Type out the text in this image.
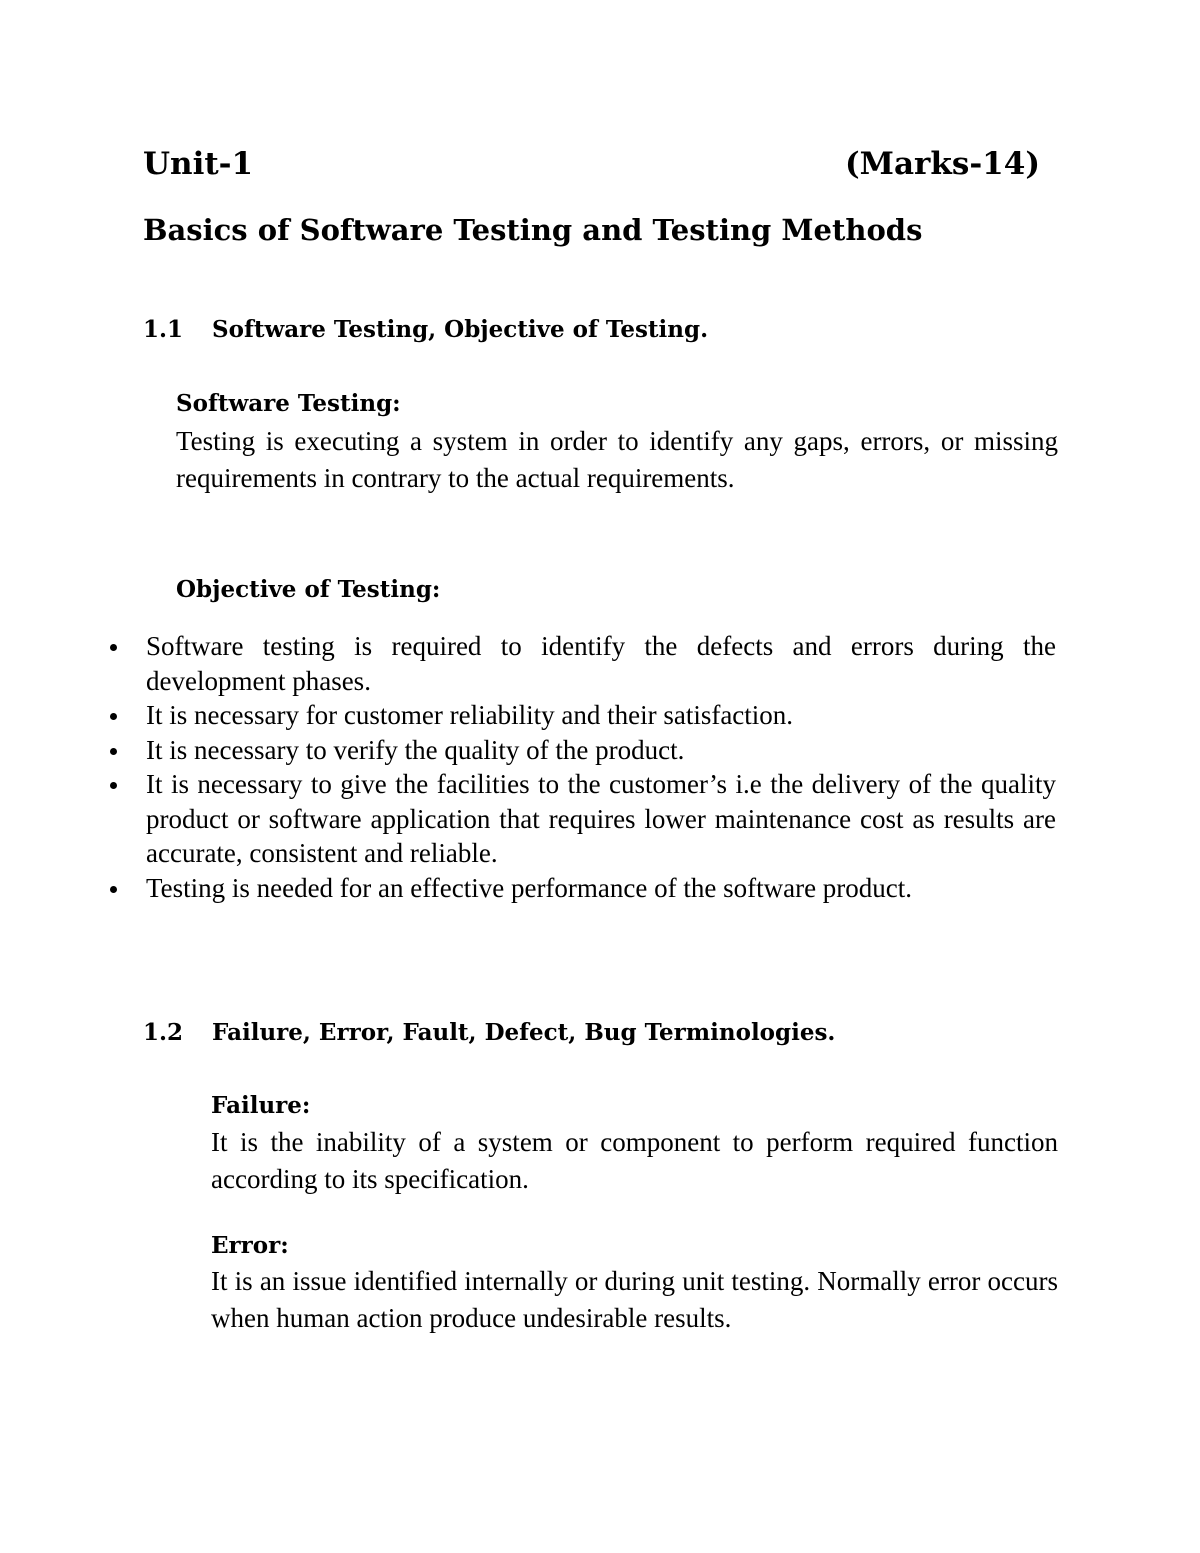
Unit-1	(Marks-14)
Basics of Software Testing and Testing Methods
1.1 Software Testing, Objective of Testing.
Software Testing:

Testing is executing a system in order to identify any gaps, errors, or missing requirements in contrary to the actual requirements.

Objective of Testing:
Software testing is required to identify the defects and errors during the development phases.
It is necessary for customer reliability and their satisfaction.
It is necessary to verify the quality of the product.
It is necessary to give the facilities to the customer’s i.e the delivery of the quality product or software application that requires lower maintenance cost as results are accurate, consistent and reliable.
Testing is needed for an effective performance of the software product.
1.2 Failure, Error, Fault, Defect, Bug Terminologies.
Failure:

It is the inability of a system or component to perform required function according to its specification.

Error:

It is an issue identified internally or during unit testing. Normally error occurs when human action produce undesirable results.
